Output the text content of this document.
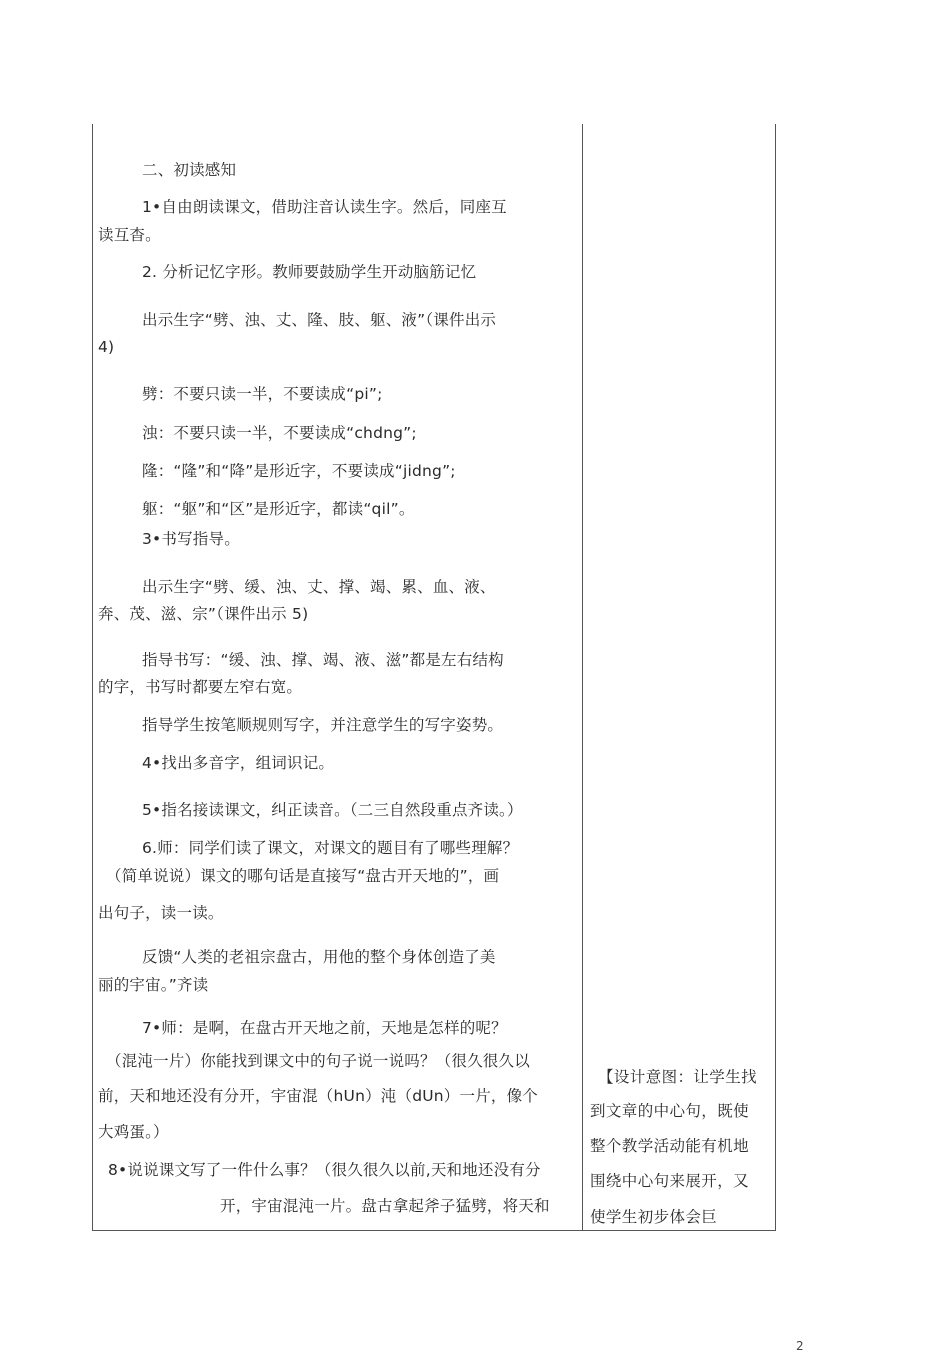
二、初读感知
1•自由朗读课文，借助注音认读生字。然后，同座互
读互杳。
2. 分析记忆字形。教师要鼓励学生开动脑筋记忆
出示生字“劈、浊、丈、隆、肢、躯、液”（课件出示
4)
劈：不要只读一半，不要读成“pi”;
浊：不要只读一半，不要读成“chdng”;
隆：“隆”和“降”是形近字，不要读成“jidng”;
躯：“躯”和“区”是形近字，都读“qil”。
3•书写指导。
出示生字“劈、缓、浊、丈、撑、竭、累、血、液、
奔、茂、滋、宗”（课件出示 5)
指导书写：“缓、浊、撑、竭、液、滋”都是左右结构
的字，书写时都要左窄右宽。
指导学生按笔顺规则写字，并注意学生的写字姿势。
4•找出多音字，组词识记。
5•指名接读课文，纠正读音。（二三自然段重点齐读。）
6.师：同学们读了课文，对课文的题目有了哪些理解？
（简单说说）课文的哪句话是直接写“盘古开天地的”，画
出句子，读一读。
反馈“人类的老祖宗盘古，用他的整个身体创造了美
丽的宇宙。”齐读
7•师：是啊，在盘古开天地之前，天地是怎样的呢？
（混沌一片）你能找到课文中的句子说一说吗？（很久很久以
前，天和地还没有分开，宇宙混（hUn）沌（dUn）一片，像个
大鸡蛋。）
8•说说课文写了一件什么事？（很久很久以前,天和地还没有分
开，宇宙混沌一片。盘古拿起斧子猛劈，将天和
【设计意图：让学生找
到文章的中心句，既使
整个教学活动能有机地
围绕中心句来展开，又
使学生初步体会巨
2
